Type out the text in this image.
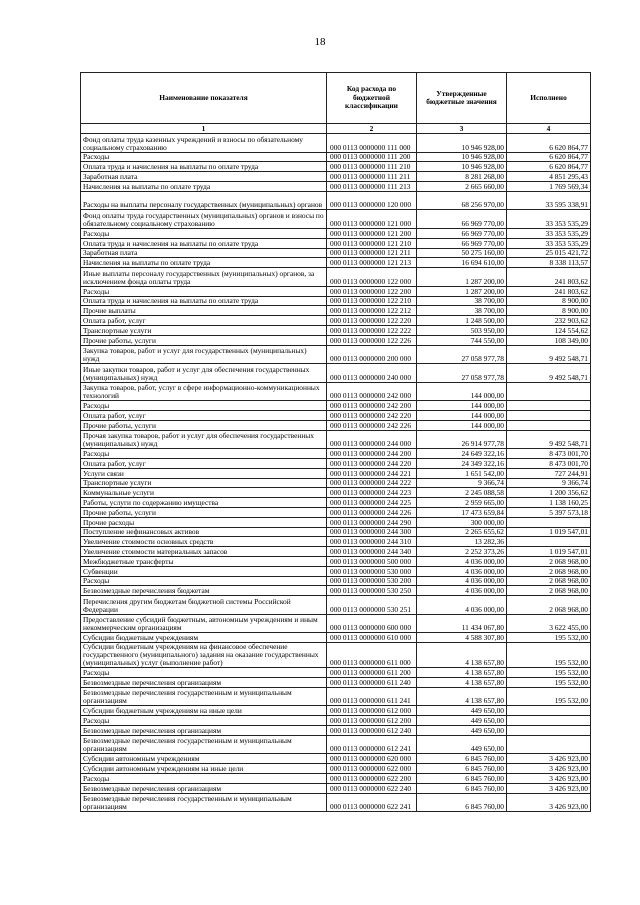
18
Наименование показателя	Код расхода по бюджетной классификации	Утвержденные бюджетные значения	Исполнено
1	2	3	4
Фонд оплаты труда казенных учреждений и взносы по обязательному социальному страхованию	000 0113 0000000 111 000	10 946 928,00	6 620 864,77
Расходы	000 0113 0000000 111 200	10 946 928,00	6 620 864,77
Оплата труда и начисления на выплаты по оплате труда	000 0113 0000000 111 210	10 946 928,00	6 620 864,77
Заработная плата	000 0113 0000000 111 211	8 281 268,00	4 851 295,43
Начисления на выплаты по оплате труда	000 0113 0000000 111 213	2 665 660,00	1 769 569,34
Расходы на выплаты персоналу государственных (муниципальных) органов	000 0113 0000000 120 000	68 256 970,00	33 595 338,91
Фонд оплаты труда государственных (муниципальных) органов и взносы по обязательному социальному страхованию	000 0113 0000000 121 000	66 969 770,00	33 353 535,29
Расходы	000 0113 0000000 121 200	66 969 770,00	33 353 535,29
Оплата труда и начисления на выплаты по оплате труда	000 0113 0000000 121 210	66 969 770,00	33 353 535,29
Заработная плата	000 0113 0000000 121 211	50 275 160,00	25 015 421,72
Начисления на выплаты по оплате труда	000 0113 0000000 121 213	16 694 610,00	8 338 113,57
Иные выплаты персоналу государственных (муниципальных) органов, за исключением фонда оплаты труда	000 0113 0000000 122 000	1 287 200,00	241 803,62
Расходы	000 0113 0000000 122 200	1 287 200,00	241 803,62
Оплата труда и начисления на выплаты по оплате труда	000 0113 0000000 122 210	38 700,00	8 900,00
Прочие выплаты	000 0113 0000000 122 212	38 700,00	8 900,00
Оплата работ, услуг	000 0113 0000000 122 220	1 248 500,00	232 903,62
Транспортные услуги	000 0113 0000000 122 222	503 950,00	124 554,62
Прочие работы, услуги	000 0113 0000000 122 226	744 550,00	108 349,00
Закупка товаров, работ и услуг для государственных (муниципальных) нужд	000 0113 0000000 200 000	27 058 977,78	9 492 548,71
Иные закупки товаров, работ и услуг для обеспечения государственных (муниципальных) нужд	000 0113 0000000 240 000	27 058 977,78	9 492 548,71
Закупка товаров, работ, услуг в сфере информационно-коммуникационных технологий	000 0113 0000000 242 000	144 000,00	
Расходы	000 0113 0000000 242 200	144 000,00	
Оплата работ, услуг	000 0113 0000000 242 220	144 000,00	
Прочие работы, услуги	000 0113 0000000 242 226	144 000,00	
Прочая закупка товаров, работ и услуг для обеспечения государственных (муниципальных) нужд	000 0113 0000000 244 000	26 914 977,78	9 492 548,71
Расходы	000 0113 0000000 244 200	24 649 322,16	8 473 001,70
Оплата работ, услуг	000 0113 0000000 244 220	24 349 322,16	8 473 001,70
Услуги связи	000 0113 0000000 244 221	1 651 542,00	727 244,91
Транспортные услуги	000 0113 0000000 244 222	9 366,74	9 366,74
Коммунальные услуги	000 0113 0000000 244 223	2 245 088,58	1 200 356,62
Работы, услуги по содержанию имущества	000 0113 0000000 244 225	2 959 665,00	1 138 160,25
Прочие работы, услуги	000 0113 0000000 244 226	17 473 659,84	5 397 573,18
Прочие расходы	000 0113 0000000 244 290	300 000,00	
Поступление нефинансовых активов	000 0113 0000000 244 300	2 265 655,62	1 019 547,01
Увеличение стоимости основных средств	000 0113 0000000 244 310	13 282,36	
Увеличение стоимости материальных запасов	000 0113 0000000 244 340	2 252 373,26	1 019 547,01
Межбюджетные трансферты	000 0113 0000000 500 000	4 036 000,00	2 068 968,00
Субвенции	000 0113 0000000 530 000	4 036 000,00	2 068 968,00
Расходы	000 0113 0000000 530 200	4 036 000,00	2 068 968,00
Безвозмездные перечисления бюджетам	000 0113 0000000 530 250	4 036 000,00	2 068 968,00
Перечисления другим бюджетам бюджетной системы Российской Федерации	000 0113 0000000 530 251	4 036 000,00	2 068 968,00
Предоставление субсидий бюджетным, автономным учреждениям и иным некоммерческим организациям	000 0113 0000000 600 000	11 434 067,80	3 622 455,00
Субсидии бюджетным учреждениям	000 0113 0000000 610 000	4 588 307,80	195 532,00
Субсидии бюджетным учреждениям на финансовое обеспечение государственного (муниципального) задания на оказание государственных (муниципальных) услуг (выполнение работ)	000 0113 0000000 611 000	4 138 657,80	195 532,00
Расходы	000 0113 0000000 611 200	4 138 657,80	195 532,00
Безвозмездные перечисления организациям	000 0113 0000000 611 240	4 138 657,80	195 532,00
Безвозмездные перечисления государственным и муниципальным организациям	000 0113 0000000 611 241	4 138 657,80	195 532,00
Субсидии бюджетным учреждениям на иные цели	000 0113 0000000 612 000	449 650,00	
Расходы	000 0113 0000000 612 200	449 650,00	
Безвозмездные перечисления организациям	000 0113 0000000 612 240	449 650,00	
Безвозмездные перечисления государственным и муниципальным организациям	000 0113 0000000 612 241	449 650,00	
Субсидии автономным учреждениям	000 0113 0000000 620 000	6 845 760,00	3 426 923,00
Субсидии автономным учреждениям на иные цели	000 0113 0000000 622 000	6 845 760,00	3 426 923,00
Расходы	000 0113 0000000 622 200	6 845 760,00	3 426 923,00
Безвозмездные перечисления организациям	000 0113 0000000 622 240	6 845 760,00	3 426 923,00
Безвозмездные перечисления государственным и муниципальным организациям	000 0113 0000000 622 241	6 845 760,00	3 426 923,00
